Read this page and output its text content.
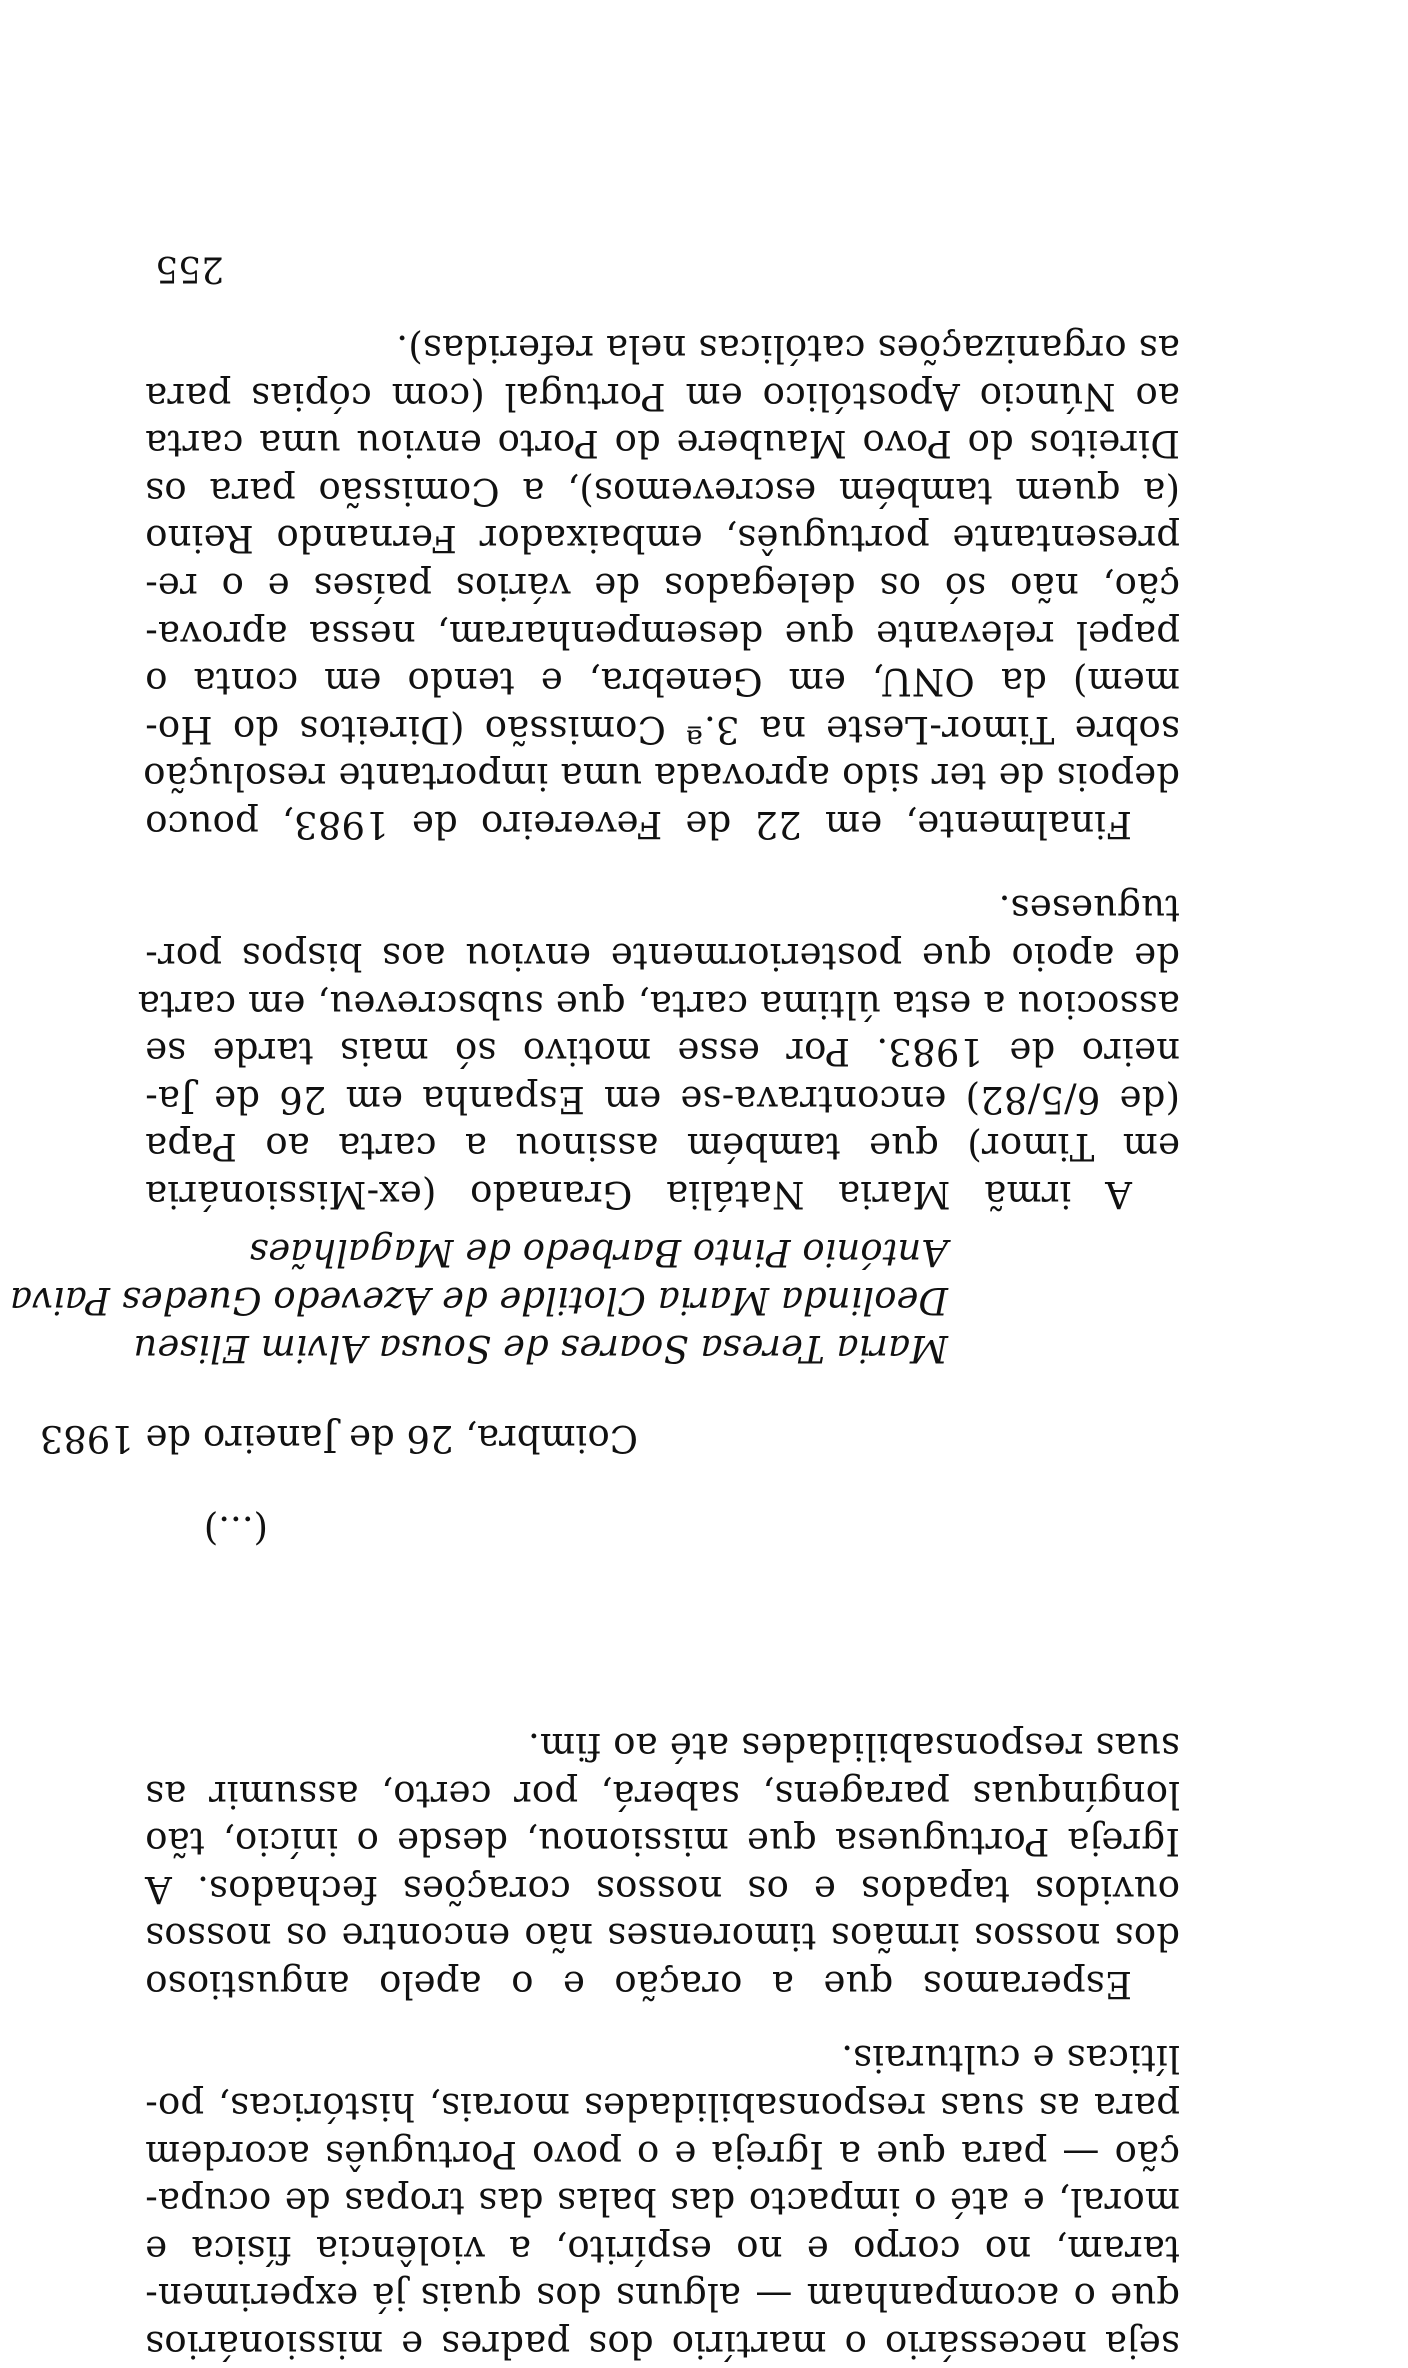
seja necessário o martírio dos padres e missionários
que o acompanham — alguns dos quais já experimen-
taram, no corpo e no espírito, a violência física e
moral, e até o impacto das balas das tropas de ocupa-
ção — para que a Igreja e o povo Português acordem
para as suas responsabilidades morais, históricas, po-
líticas e culturais.
Esperamos que a oração e o apelo angustioso
dos nossos irmãos timorenses não encontre os nossos
ouvidos tapados e os nossos corações fechados. A
Igreja Portuguesa que missionou, desde o início, tão
longínquas paragens, saberá, por certo, assumir as
suas responsabilidades até ao fim.
(...)
Coimbra, 26 de Janeiro de 1983
Maria Teresa Soares de Sousa Alvim Eliseu
Deolinda Maria Clotilde de Azevedo Guedes Paiva
António Pinto Barbedo de Magalhães
A irmã Maria Natália Granado (ex-Missionária
em Timor) que também assinou a carta ao Papa
(de 6/5/82) encontrava-se em Espanha em 26 de Ja-
neiro de 1983. Por esse motivo só mais tarde se
associou a esta última carta, que subscreveu, em carta
de apoio que posteriormente enviou aos bispos por-
tugueses.
Finalmente, em 22 de Fevereiro de 1983, pouco
depois de ter sido aprovada uma importante resolução
sobre Timor-Leste na 3.ª Comissão (Direitos do Ho-
mem) da ONU, em Genebra, e tendo em conta o
papel relevante que desempenharam, nessa aprova-
ção, não só os delegados de vários países e o re-
presentante português, embaixador Fernando Reino
(a quem também escrevemos), a Comissão para os
Direitos do Povo Maubere do Porto enviou uma carta
ao Núncio Apostólico em Portugal (com cópias para
as organizações católicas nela referidas).
255
